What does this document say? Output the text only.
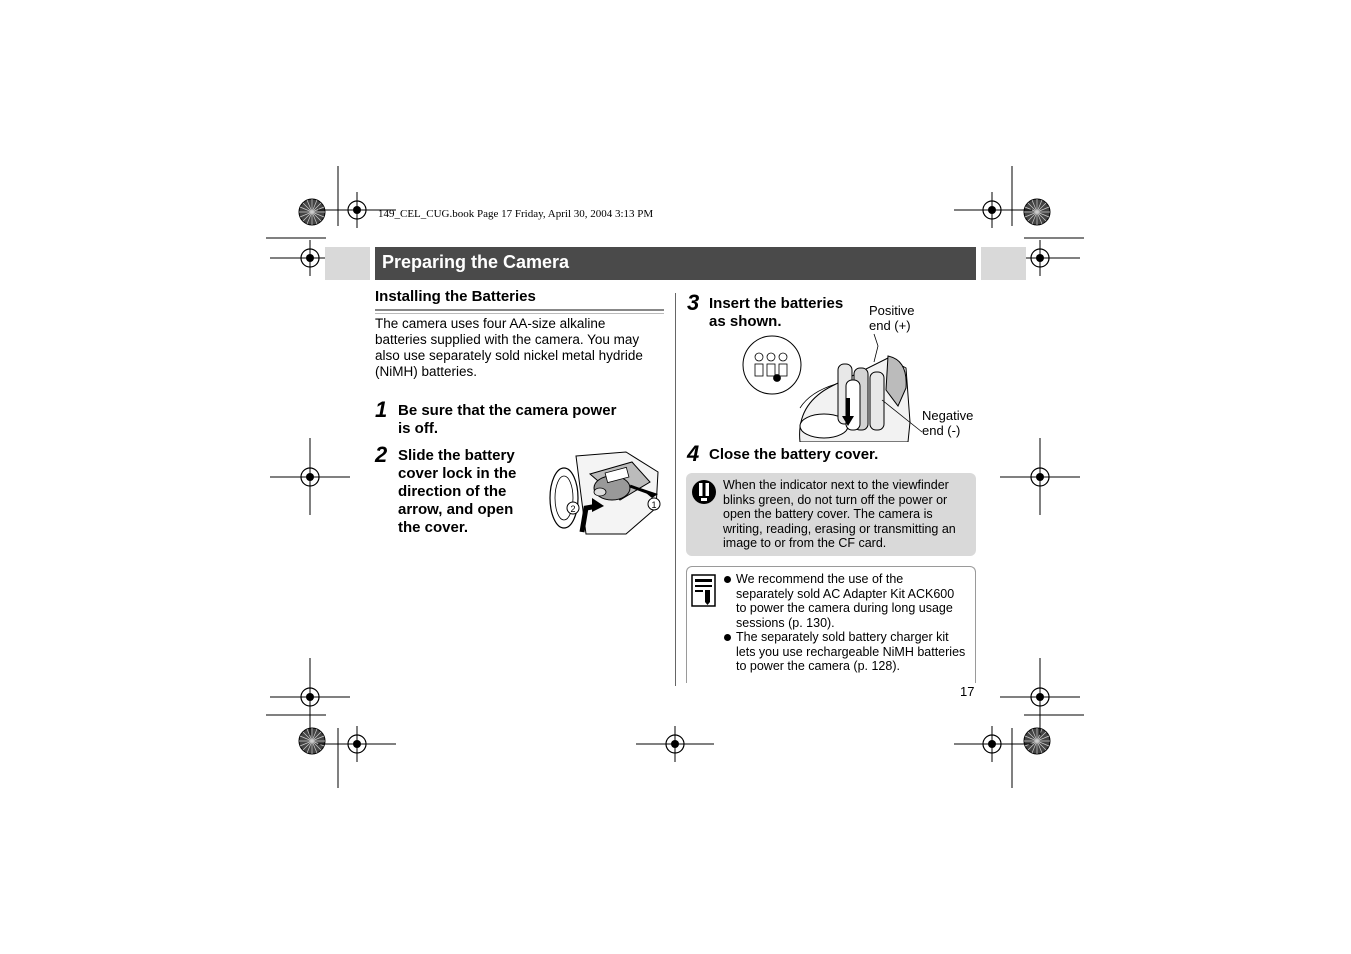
149_CEL_CUG.book Page 17 Friday, April 30, 2004 3:13 PM
Preparing the Camera
Installing the Batteries
The camera uses four AA-size alkaline
batteries supplied with the camera. You may
also use separately sold nickel metal hydride
(NiMH) batteries.
1 Be sure that the camera power
is off.
2 Slide the battery
cover lock in the
direction of the
arrow, and open
the cover.
1
2
3 Insert the batteries
as shown.
Positive
end (+)
Negative
end (-)
4 Close the battery cover.
When the indicator next to the viewfinder
blinks green, do not turn off the power or
open the battery cover. The camera is
writing, reading, erasing or transmitting an
image to or from the CF card.
We recommend the use of the
separately sold AC Adapter Kit ACK600
to power the camera during long usage
sessions (p. 130).
The separately sold battery charger kit
lets you use rechargeable NiMH batteries
to power the camera (p. 128).
17
